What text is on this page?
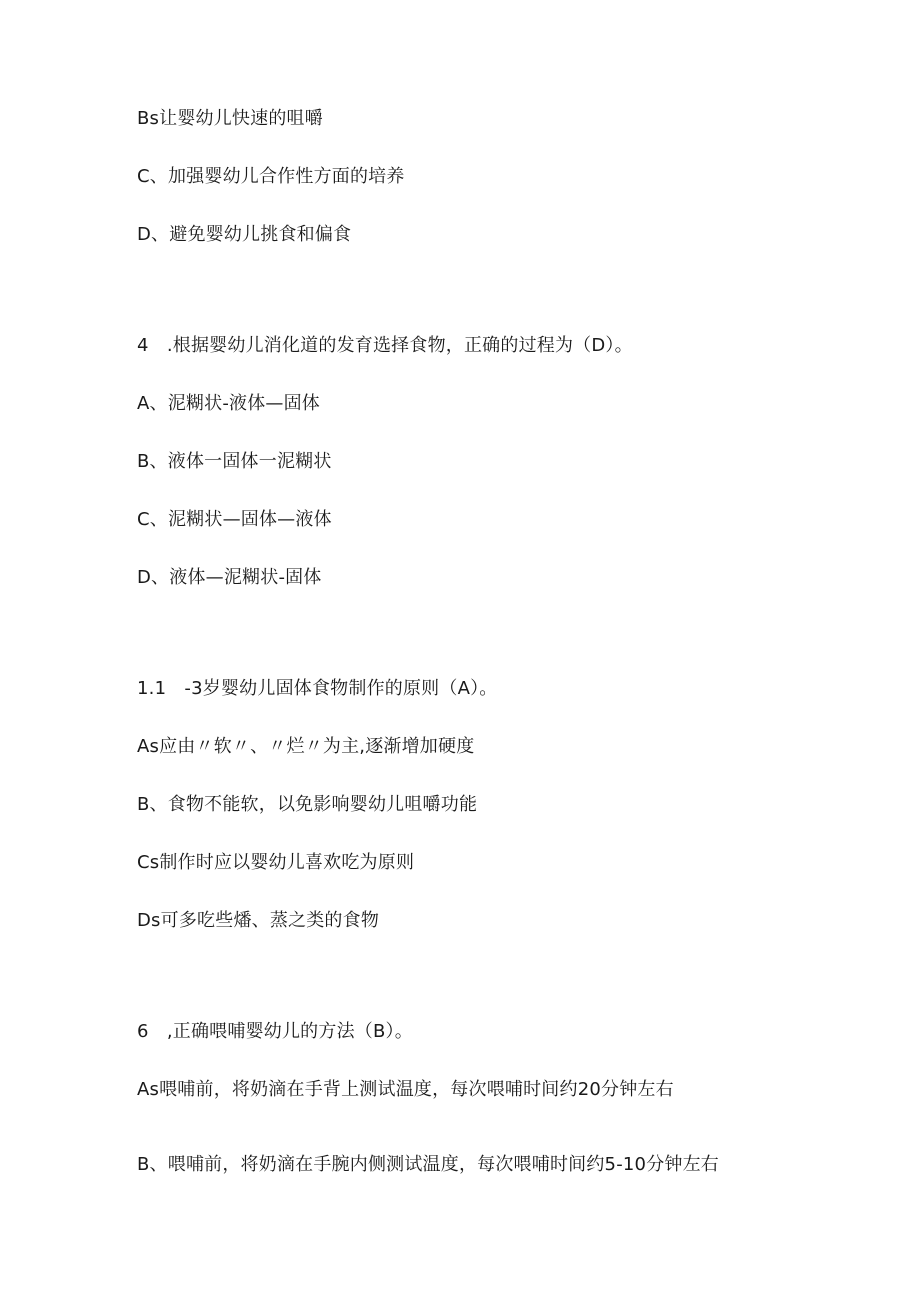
Bs让婴幼儿快速的咀嚼
C、加强婴幼儿合作性方面的培养
D、避免婴幼儿挑食和偏食
4　.根据婴幼儿消化道的发育选择食物，正确的过程为（D）。
A、泥糊状-液体—固体
B、液体一固体一泥糊状
C、泥糊状—固体—液体
D、液体—泥糊状-固体
1.1　-3岁婴幼儿固体食物制作的原则（A）。
As应由〃软〃、〃烂〃为主,逐渐增加硬度
B、食物不能软，以免影响婴幼儿咀嚼功能
Cs制作时应以婴幼儿喜欢吃为原则
Ds可多吃些燔、蒸之类的食物
6　,正确喂哺婴幼儿的方法（B）。
As喂哺前，将奶滴在手背上测试温度，每次喂哺时间约20分钟左右
B、喂哺前，将奶滴在手腕内侧测试温度，每次喂哺时间约5-10分钟左右
